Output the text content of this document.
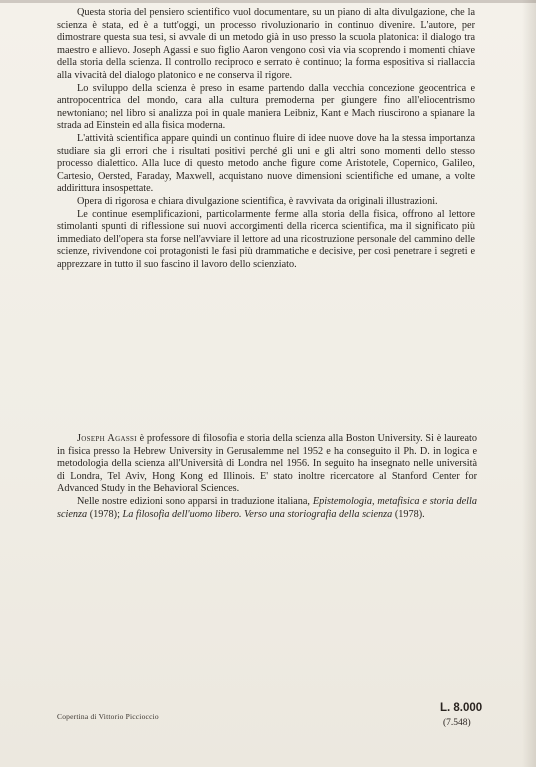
Questa storia del pensiero scientifico vuol documentare, su un piano di alta divulgazione, che la scienza è stata, ed è a tutt'oggi, un processo rivoluzionario in continuo divenire. L'autore, per dimostrare questa sua tesi, si avvale di un metodo già in uso presso la scuola platonica: il dialogo tra maestro e allievo. Joseph Agassi e suo figlio Aaron vengono così via via scoprendo i momenti chiave della storia della scienza. Il controllo reciproco e serrato è continuo; la forma espositiva si riallaccia alla vivacità del dialogo platonico e ne conserva il rigore.

Lo sviluppo della scienza è preso in esame partendo dalla vecchia concezione geocentrica e antropocentrica del mondo, cara alla cultura premoderna per giungere fino all'eliocentrismo newtoniano; nel libro si analizza poi in quale maniera Leibniz, Kant e Mach riuscirono a spianare la strada ad Einstein ed alla fisica moderna.

L'attività scientifica appare quindi un continuo fluire di idee nuove dove ha la stessa importanza studiare sia gli errori che i risultati positivi perché gli uni e gli altri sono momenti dello stesso processo dialettico. Alla luce di questo metodo anche figure come Aristotele, Copernico, Galileo, Cartesio, Oersted, Faraday, Maxwell, acquistano nuove dimensioni scientifiche ed umane, a volte addirittura insospettate.

Opera di rigorosa e chiara divulgazione scientifica, è ravvivata da originali illustrazioni.

Le continue esemplificazioni, particolarmente ferme alla storia della fisica, offrono al lettore stimolanti spunti di riflessione sui nuovi accorgimenti della ricerca scientifica, ma il significato più immediato dell'opera sta forse nell'avviare il lettore ad una ricostruzione personale del cammino delle scienze, rivivendone coi protagonisti le fasi più drammatiche e decisive, per così penetrare i segreti e apprezzare in tutto il suo fascino il lavoro dello scienziato.

Joseph Agassi è professore di filosofia e storia della scienza alla Boston University. Si è laureato in fisica presso la Hebrew University in Gerusalemme nel 1952 e ha conseguito il Ph. D. in logica e metodologia della scienza all'Università di Londra nel 1956. In seguito ha insegnato nelle università di Londra, Tel Aviv, Hong Kong ed Illinois. E' stato inoltre ricercatore al Stanford Center for Advanced Study in the Behavioral Sciences.

Nelle nostre edizioni sono apparsi in traduzione italiana, Epistemologia, metafisica e storia della scienza (1978); La filosofia dell'uomo libero. Verso una storiografia della scienza (1978).

Copertina di Vittorio Piccioccio
L. 8.000
(7.548)
